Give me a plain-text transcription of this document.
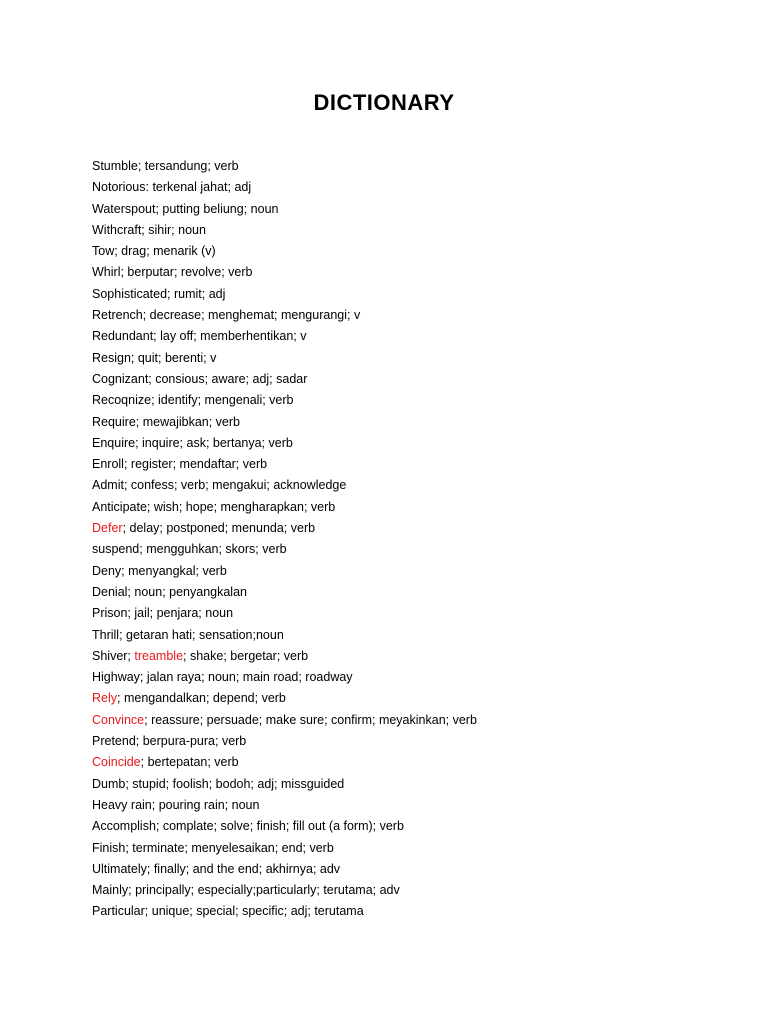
DICTIONARY
Stumble; tersandung; verb
Notorious: terkenal jahat; adj
Waterspout; putting beliung; noun
Withcraft; sihir; noun
Tow; drag; menarik (v)
Whirl; berputar; revolve; verb
Sophisticated; rumit; adj
Retrench; decrease; menghemat; mengurangi; v
Redundant; lay off; memberhentikan; v
Resign; quit; berenti; v
Cognizant; consious; aware; adj; sadar
Recoqnize; identify; mengenali; verb
Require; mewajibkan; verb
Enquire; inquire; ask; bertanya; verb
Enroll; register; mendaftar; verb
Admit; confess; verb; mengakui; acknowledge
Anticipate; wish; hope; mengharapkan; verb
Defer; delay; postponed; menunda; verb
suspend; mengguhkan; skors; verb
Deny; menyangkal; verb
Denial; noun; penyangkalan
Prison; jail; penjara; noun
Thrill; getaran hati; sensation;noun
Shiver; treamble; shake; bergetar; verb
Highway; jalan raya; noun; main road; roadway
Rely; mengandalkan; depend; verb
Convince; reassure; persuade; make sure; confirm; meyakinkan; verb
Pretend; berpura-pura; verb
Coincide; bertepatan; verb
Dumb; stupid; foolish; bodoh; adj; missguided
Heavy rain; pouring rain; noun
Accomplish; complate; solve; finish; fill out (a form); verb
Finish; terminate; menyelesaikan; end; verb
Ultimately; finally; and the end; akhirnya; adv
Mainly; principally; especially;particularly; terutama; adv
Particular; unique; special; specific; adj; terutama
